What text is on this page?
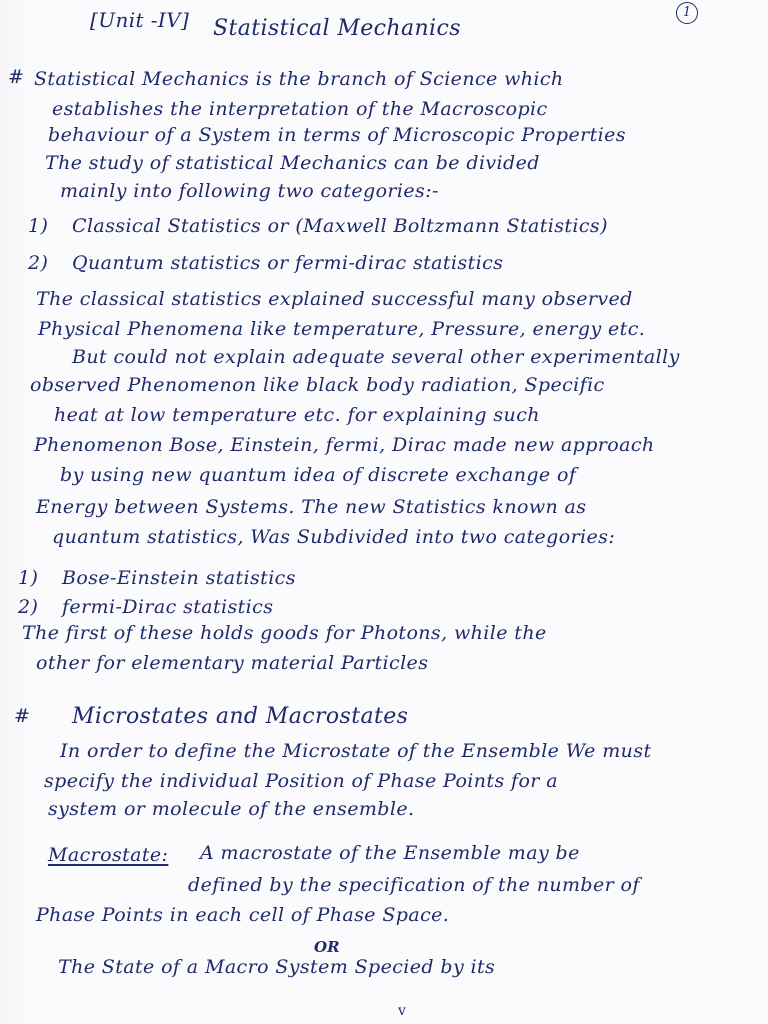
1
[Unit -IV] Statistical Mechanics
# Statistical Mechanics is the branch of Science which
establishes the interpretation of the Macroscopic
behaviour of a System in terms of Microscopic Properties
The study of statistical Mechanics can be divided
mainly into following two categories:-
1) Classical Statistics or (Maxwell Boltzmann Statistics)
2) Quantum statistics or fermi-dirac statistics
The classical statistics explained successful many observed
Physical Phenomena like temperature, Pressure, energy etc.
But could not explain adequate several other experimentally
observed Phenomenon like black body radiation, Specific
heat at low temperature etc. for explaining such
Phenomenon Bose, Einstein, fermi, Dirac made new approach
by using new quantum idea of discrete exchange of
Energy between Systems. The new Statistics known as
quantum statistics, Was Subdivided into two categories:
1) Bose-Einstein statistics
2) fermi-Dirac statistics
The first of these holds goods for Photons, while the
other for elementary material Particles
# Microstates and Macrostates
In order to define the Microstate of the Ensemble We must
specify the individual Position of Phase Points for a
system or molecule of the ensemble.
Macrostate: A macrostate of the Ensemble may be
defined by the specification of the number of
Phase Points in each cell of Phase Space.
OR
The State of a Macro System Specied by its
v
